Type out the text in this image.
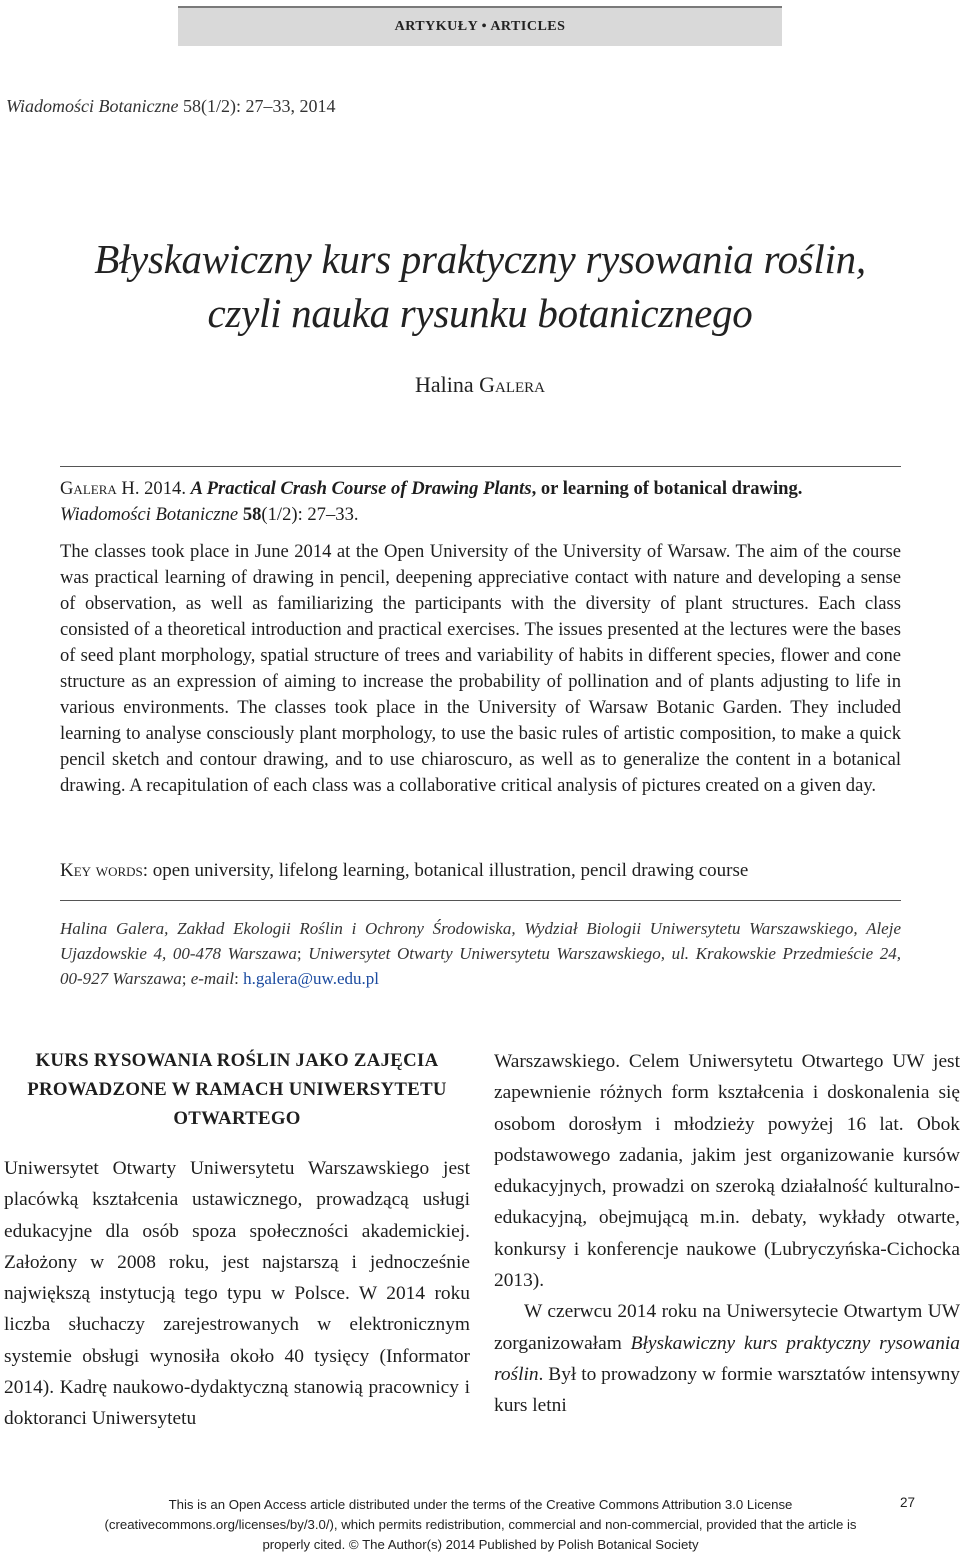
ARTYKUŁY • ARTICLES
Wiadomości Botaniczne 58(1/2): 27–33, 2014
Błyskawiczny kurs praktyczny rysowania roślin,
czyli nauka rysunku botanicznego
Halina Galera
Galera H. 2014. A Practical Crash Course of Drawing Plants, or learning of botanical drawing.
Wiadomości Botaniczne 58(1/2): 27–33.

The classes took place in June 2014 at the Open University of the University of Warsaw. The aim of the course was practical learning of drawing in pencil, deepening appreciative contact with nature and developing a sense of observation, as well as familiarizing the participants with the diversity of plant structures. Each class consisted of a theoretical introduction and practical exercises. The issues presented at the lectures were the bases of seed plant morphology, spatial structure of trees and variability of habits in different species, flower and cone structure as an expression of aiming to increase the probability of pollination and of plants adjusting to life in various environments. The classes took place in the University of Warsaw Botanic Garden. They included learning to analyse consciously plant morphology, to use the basic rules of artistic composition, to make a quick pencil sketch and contour drawing, and to use chiaroscuro, as well as to generalize the content in a botanical drawing. A recapitulation of each class was a collaborative critical analysis of pictures created on a given day.

Key words: open university, lifelong learning, botanical illustration, pencil drawing course
Halina Galera, Zakład Ekologii Roślin i Ochrony Środowiska, Wydział Biologii Uniwersytetu Warszawskiego, Aleje Ujazdowskie 4, 00-478 Warszawa; Uniwersytet Otwarty Uniwersytetu Warszawskiego, ul. Krakowskie Przedmieście 24, 00-927 Warszawa; e-mail: h.galera@uw.edu.pl
KURS RYSOWANIA ROŚLIN JAKO ZAJĘCIA PROWADZONE W RAMACH UNIWERSYTETU OTWARTEGO

Uniwersytet Otwarty Uniwersytetu Warszawskiego jest placówką kształcenia ustawicznego, prowadzącą usługi edukacyjne dla osób spoza społeczności akademickiej. Założony w 2008 roku, jest najstarszą i jednocześnie największą instytucją tego typu w Polsce. W 2014 roku liczba słuchaczy zarejestrowanych w elektronicznym systemie obsługi wynosiła około 40 tysięcy (Informator 2014). Kadrę naukowo-dydaktyczną stanowią pracownicy i doktoranci Uniwersytetu

Warszawskiego. Celem Uniwersytetu Otwartego UW jest zapewnienie różnych form kształcenia i doskonalenia się osobom dorosłym i młodzieży powyżej 16 lat. Obok podstawowego zadania, jakim jest organizowanie kursów edukacyjnych, prowadzi on szeroką działalność kulturalno-edukacyjną, obejmującą m.in. debaty, wykłady otwarte, konkursy i konferencje naukowe (Lubryczyńska-Cichocka 2013).

W czerwcu 2014 roku na Uniwersytecie Otwartym UW zorganizowałam Błyskawiczny kurs praktyczny rysowania roślin. Był to prowadzony w formie warsztatów intensywny kurs letni

This is an Open Access article distributed under the terms of the Creative Commons Attribution 3.0 License
(creativecommons.org/licenses/by/3.0/), which permits redistribution, commercial and non-commercial, provided that the article is
properly cited. © The Author(s) 2014 Published by Polish Botanical Society
27
